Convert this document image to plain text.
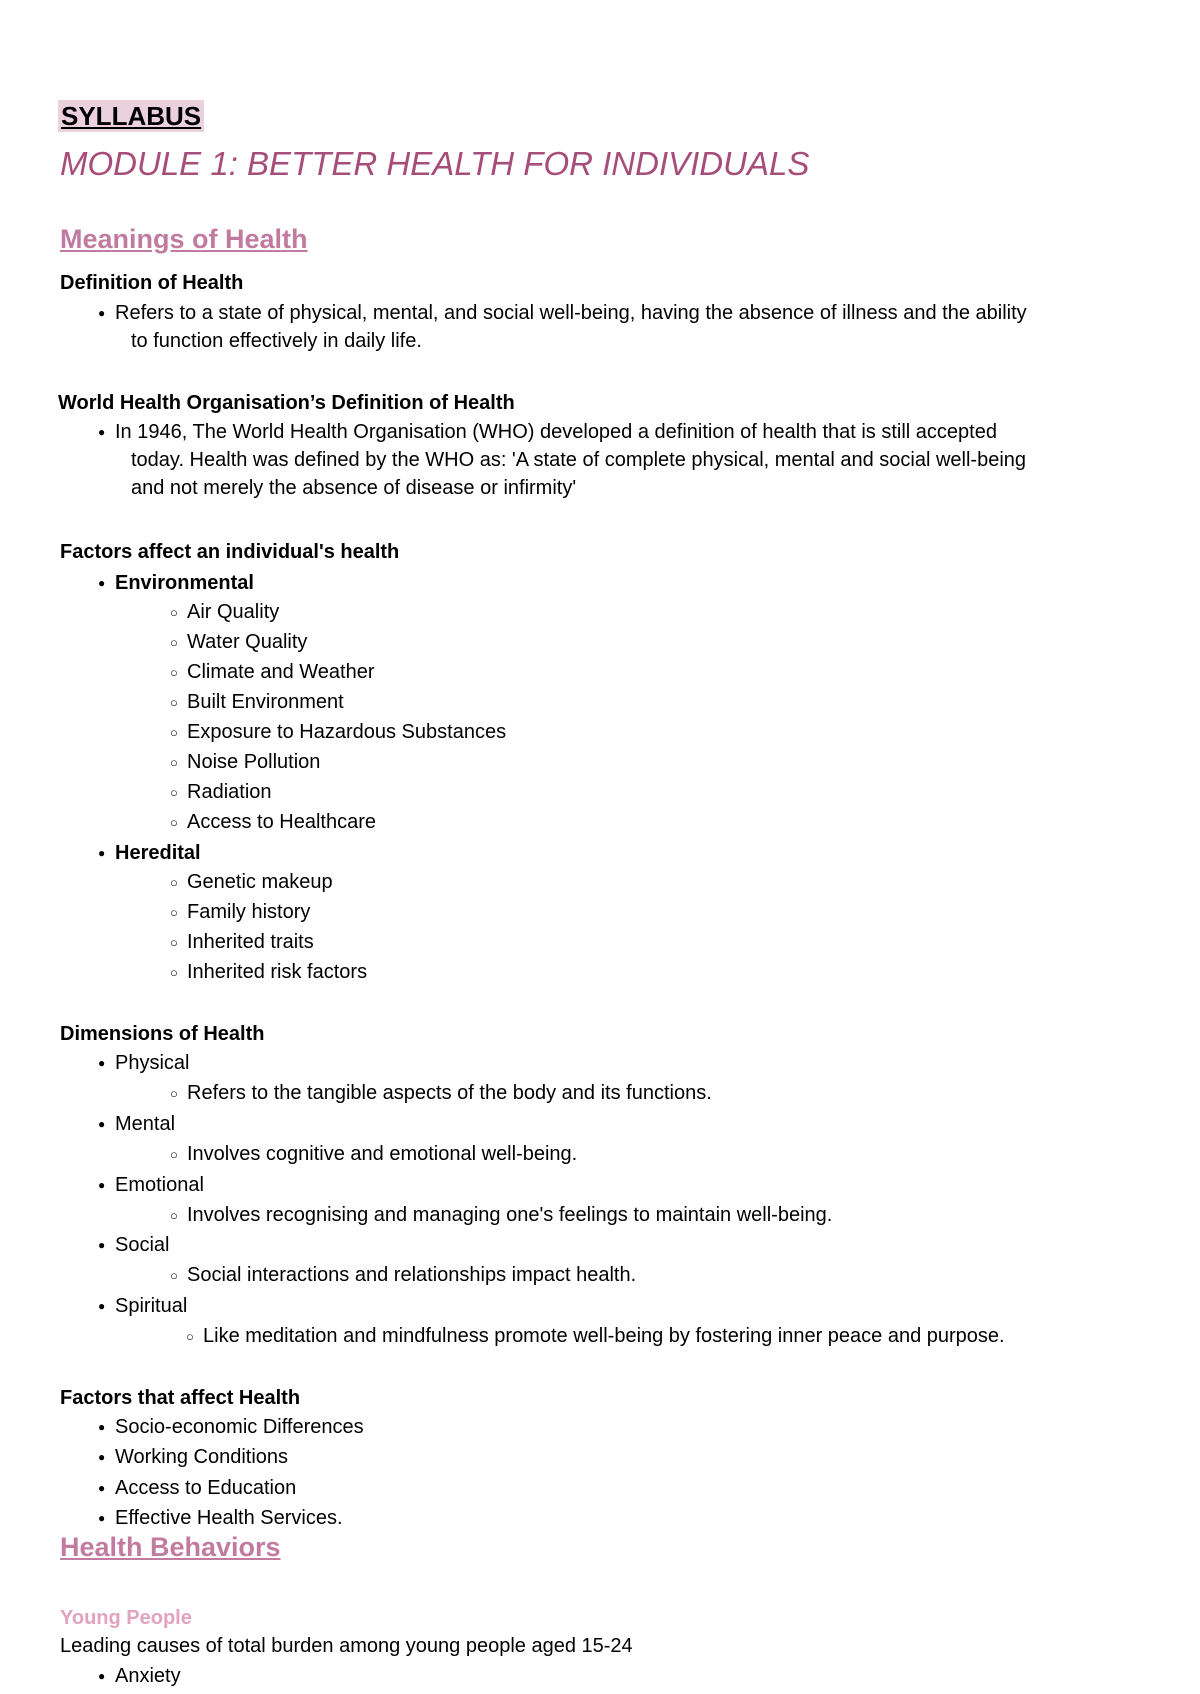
SYLLABUS
MODULE 1: BETTER HEALTH FOR INDIVIDUALS
Meanings of Health
Definition of Health
● Refers to a state of physical, mental, and social well-being, having the absence of illness and the ability
to function effectively in daily life.
World Health Organisation’s Definition of Health
● In 1946, The World Health Organisation (WHO) developed a definition of health that is still accepted
today. Health was defined by the WHO as: 'A state of complete physical, mental and social well-being
and not merely the absence of disease or infirmity'
Factors affect an individual's health
● Environmental
○ Air Quality
○ Water Quality
○ Climate and Weather
○ Built Environment
○ Exposure to Hazardous Substances
○ Noise Pollution
○ Radiation
○ Access to Healthcare
● Heredital
○ Genetic makeup
○ Family history
○ Inherited traits
○ Inherited risk factors
Dimensions of Health
● Physical
○ Refers to the tangible aspects of the body and its functions.
● Mental
○ Involves cognitive and emotional well-being.
● Emotional
○ Involves recognising and managing one's feelings to maintain well-being.
● Social
○ Social interactions and relationships impact health.
● Spiritual
○ Like meditation and mindfulness promote well-being by fostering inner peace and purpose.
Factors that affect Health
● Socio-economic Differences
● Working Conditions
● Access to Education
● Effective Health Services.
Health Behaviors
Young People
Leading causes of total burden among young people aged 15-24
● Anxiety
